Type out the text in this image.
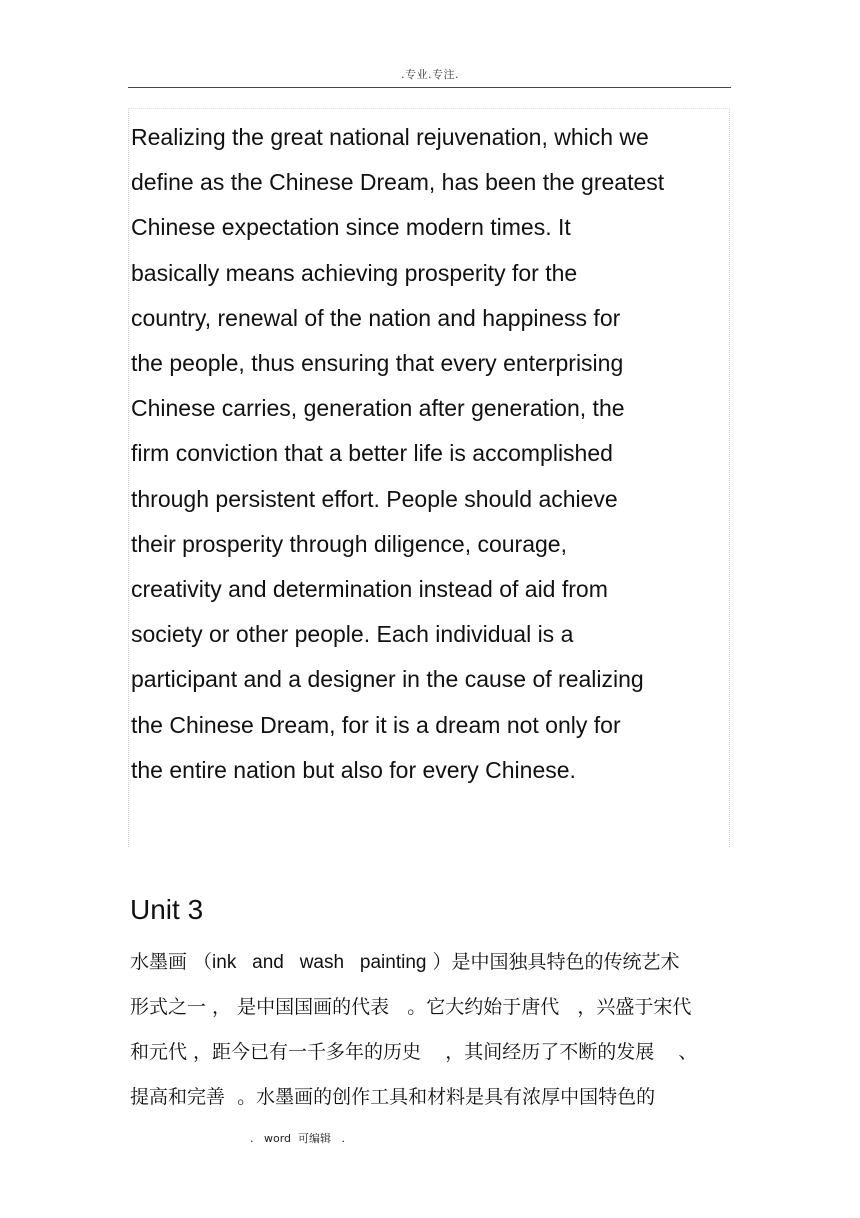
.专业.专注.

Realizing the great national rejuvenation, which we
define as the Chinese Dream, has been the greatest
Chinese expectation since modern times. It
basically means achieving prosperity for the
country, renewal of the nation and happiness for
the people, thus ensuring that every enterprising
Chinese carries, generation after generation, the
firm conviction that a better life is accomplished
through persistent effort. People should achieve
their prosperity through diligence, courage,
creativity and determination instead of aid from
society or other people. Each individual is a
participant and a designer in the cause of realizing
the Chinese Dream, for it is a dream not only for
the entire nation but also for every Chinese.

Unit 3
水墨画 （ink   and   wash   painting ）是中国独具特色的传统艺术
形式之一 ， 是中国国画的代表   。它大约始于唐代   ，兴盛于宋代
和元代 ，距今已有一千多年的历史    ，其间经历了不断的发展    、
提高和完善  。水墨画的创作工具和材料是具有浓厚中国特色的
.   word  可编辑   .
